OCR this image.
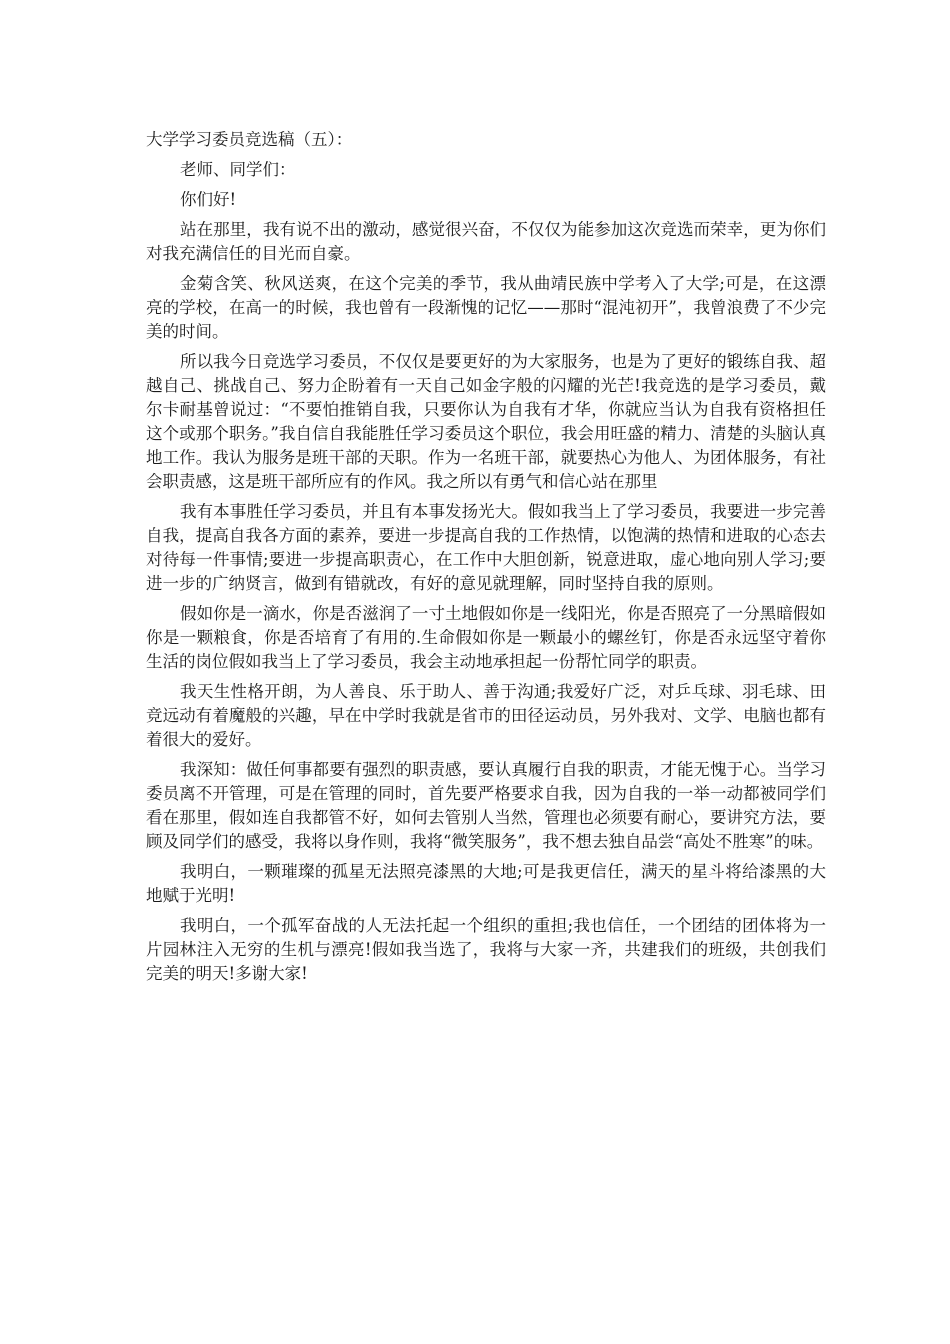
大学学习委员竞选稿（五）：

老师、同学们：

你们好!

站在那里，我有说不出的激动，感觉很兴奋，不仅仅为能参加这次竞选而荣幸，更为你们对我充满信任的目光而自豪。

金菊含笑、秋风送爽，在这个完美的季节，我从曲靖民族中学考入了大学;可是，在这漂亮的学校，在高一的时候，我也曾有一段渐愧的记忆——那时“混沌初开”，我曾浪费了不少完美的时间。

所以我今日竞选学习委员，不仅仅是要更好的为大家服务，也是为了更好的锻练自我、超越自己、挑战自己、努力企盼着有一天自己如金字般的闪耀的光芒!我竞选的是学习委员，戴尔卡耐基曾说过：“不要怕推销自我，只要你认为自我有才华，你就应当认为自我有资格担任这个或那个职务。”我自信自我能胜任学习委员这个职位，我会用旺盛的精力、清楚的头脑认真地工作。我认为服务是班干部的天职。作为一名班干部，就要热心为他人、为团体服务，有社会职责感，这是班干部所应有的作风。我之所以有勇气和信心站在那里

我有本事胜任学习委员，并且有本事发扬光大。假如我当上了学习委员，我要进一步完善自我，提高自我各方面的素养，要进一步提高自我的工作热情，以饱满的热情和进取的心态去对待每一件事情;要进一步提高职责心，在工作中大胆创新，锐意进取，虚心地向别人学习;要进一步的广纳贤言，做到有错就改，有好的意见就理解，同时坚持自我的原则。

假如你是一滴水，你是否滋润了一寸土地假如你是一线阳光，你是否照亮了一分黑暗假如你是一颗粮食，你是否培育了有用的.生命假如你是一颗最小的螺丝钉，你是否永远坚守着你生活的岗位假如我当上了学习委员，我会主动地承担起一份帮忙同学的职责。

我天生性格开朗，为人善良、乐于助人、善于沟通;我爱好广泛，对乒乓球、羽毛球、田竞远动有着魔般的兴趣，早在中学时我就是省市的田径运动员，另外我对、文学、电脑也都有着很大的爱好。

我深知：做任何事都要有强烈的职责感，要认真履行自我的职责，才能无愧于心。当学习委员离不开管理，可是在管理的同时，首先要严格要求自我，因为自我的一举一动都被同学们看在那里，假如连自我都管不好，如何去管别人当然，管理也必须要有耐心，要讲究方法，要顾及同学们的感受，我将以身作则，我将“微笑服务”，我不想去独自品尝“高处不胜寒”的味。

我明白，一颗璀璨的孤星无法照亮漆黑的大地;可是我更信任，满天的星斗将给漆黑的大地赋于光明!

我明白，一个孤军奋战的人无法托起一个组织的重担;我也信任，一个团结的团体将为一片园林注入无穷的生机与漂亮!假如我当选了，我将与大家一齐，共建我们的班级，共创我们完美的明天!多谢大家!
